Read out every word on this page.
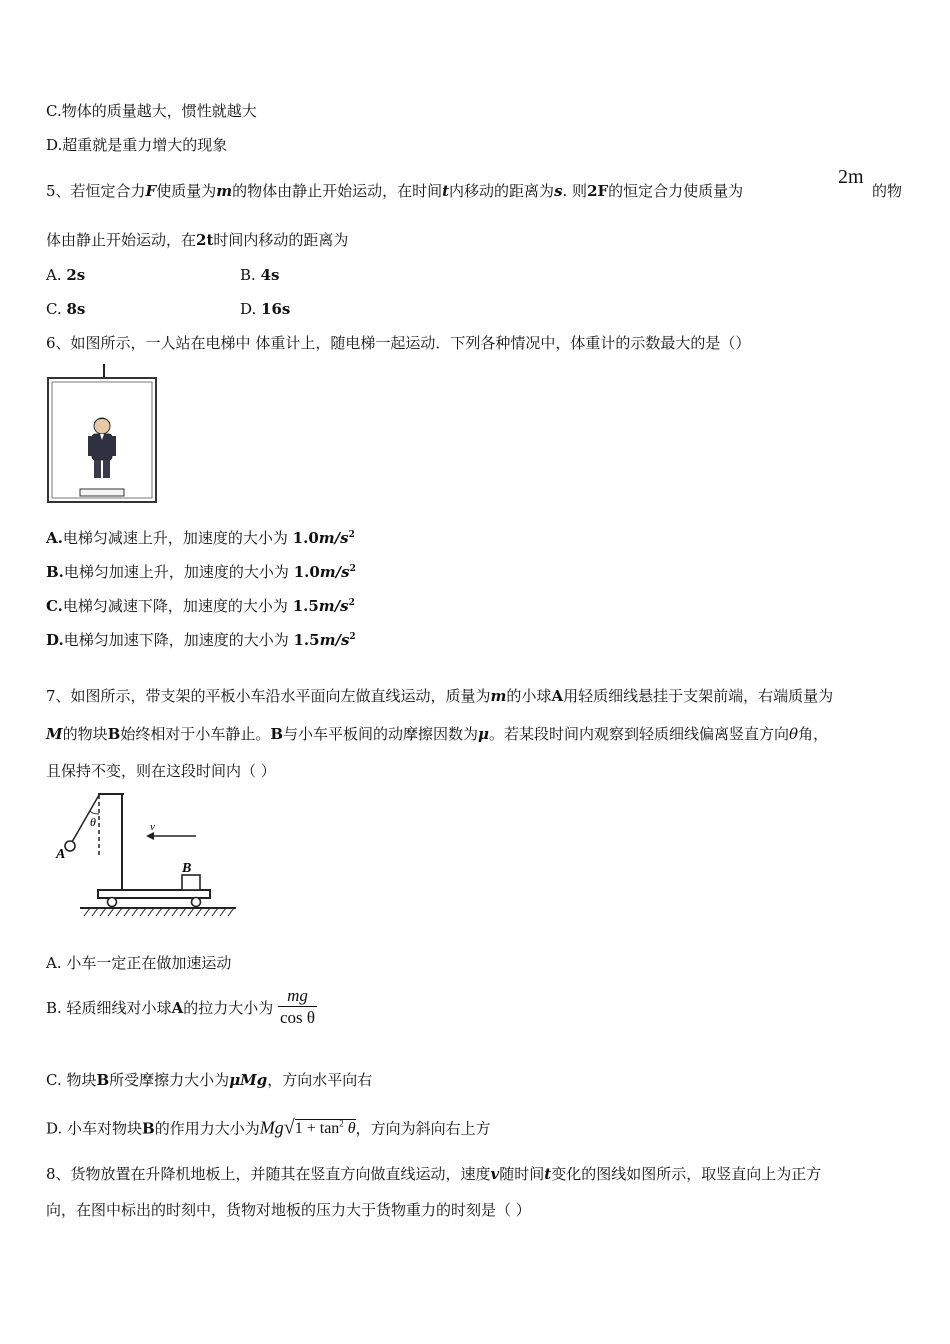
C.物体的质量越大，惯性就越大
D.超重就是重力增大的现象
5、若恒定合力F使质量为m的物体由静止开始运动，在时间t内移动的距离为s. 则2F的恒定合力使质量为
2m
的物
体由静止开始运动，在2t时间内移动的距离为
A. 2s	B. 4s
C. 8s	D. 16s
6、如图所示，一人站在电梯中 体重计上，随电梯一起运动．下列各种情况中，体重计的示数最大的是（）
A.电梯匀减速上升，加速度的大小为 $1.0m/s^2$
B.电梯匀加速上升，加速度的大小为 $1.0m/s^2$
C.电梯匀减速下降，加速度的大小为 $1.5m/s^2$
D.电梯匀加速下降，加速度的大小为 $1.5m/s^2$
7、如图所示，带支架的平板小车沿水平面向左做直线运动，质量为m的小球A用轻质细线悬挂于支架前端，右端质量为
M的物块B始终相对于小车静止。B与小车平板间的动摩擦因数为μ。若某段时间内观察到轻质细线偏离竖直方向θ角，
且保持不变，则在这段时间内（ ）
θ
A
v
B
A. 小车一定正在做加速运动
B. 轻质细线对小球A的拉力大小为 $\frac{mg}{\text{cos θ}}$
C. 物块B所受摩擦力大小为μMg，方向水平向右
D. 小车对物块B的作用力大小为$Mg√1 + \tan^2 \theta$，方向为斜向右上方
8、货物放置在升降机地板上，并随其在竖直方向做直线运动，速度v随时间t变化的图线如图所示，取竖直向上为正方
向，在图中标出的时刻中，货物对地板的压力大于货物重力的时刻是（ ）
